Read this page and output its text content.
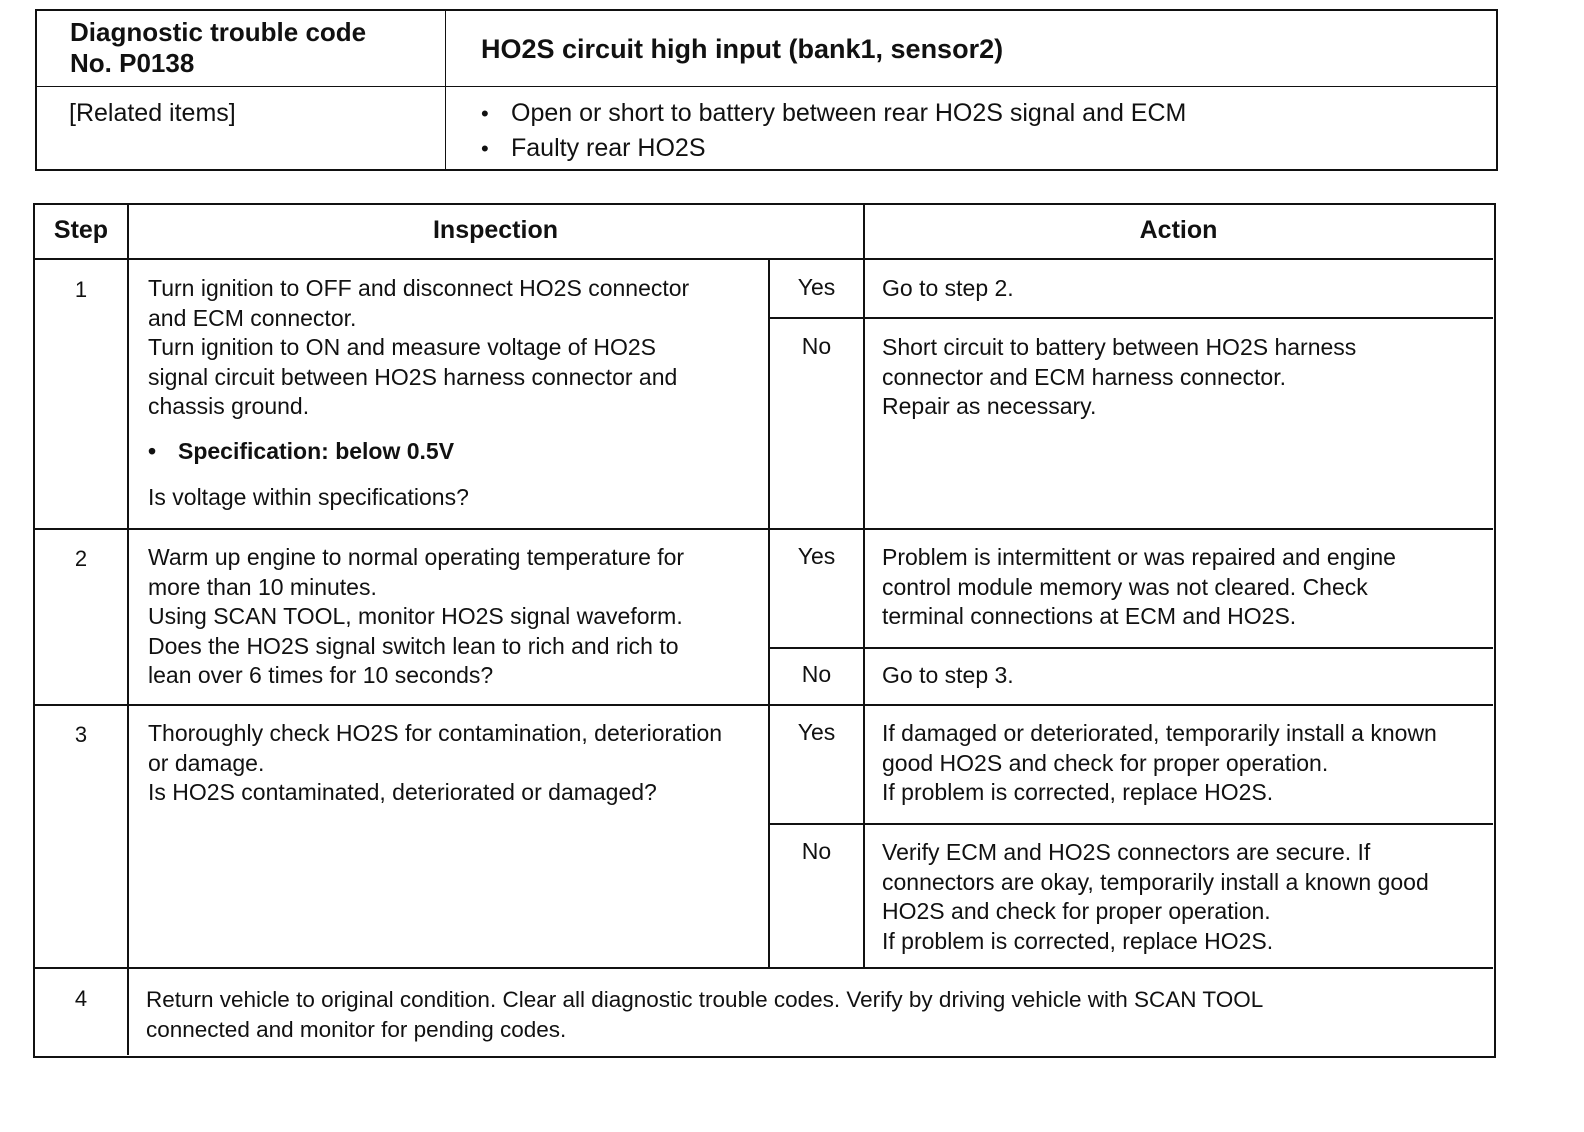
Diagnostic trouble code
No. P0138	HO2S circuit high input (bank1, sensor2)
[Related items]
•	Open or short to battery between rear HO2S signal and ECM
• Faulty rear HO2S
Step	Inspection	Action
1	Turn ignition to OFF and disconnect HO2S connector
and ECM connector.
Turn ignition to ON and measure voltage of HO2S
signal circuit between HO2S harness connector and
chassis ground.
• Specification: below 0.5V
Is voltage within specifications?
Yes	Go to step 2.
No	Short circuit to battery between HO2S harness
connector and ECM harness connector.
Repair as necessary.
2	Warm up engine to normal operating temperature for
more than 10 minutes.
Using SCAN TOOL, monitor HO2S signal waveform.
Does the HO2S signal switch lean to rich and rich to
lean over 6 times for 10 seconds?
Yes	Problem is intermittent or was repaired and engine
control module memory was not cleared. Check
terminal connections at ECM and HO2S.
No	Go to step 3.
3	Thoroughly check HO2S for contamination, deterioration
or damage.
Is HO2S contaminated, deteriorated or damaged?
Yes	If damaged or deteriorated, temporarily install a known
good HO2S and check for proper operation.
If problem is corrected, replace HO2S.
No	Verify ECM and HO2S connectors are secure. If
connectors are okay, temporarily install a known good
HO2S and check for proper operation.
If problem is corrected, replace HO2S.
4	Return vehicle to original condition. Clear all diagnostic trouble codes. Verify by driving vehicle with SCAN TOOL
connected and monitor for pending codes.
